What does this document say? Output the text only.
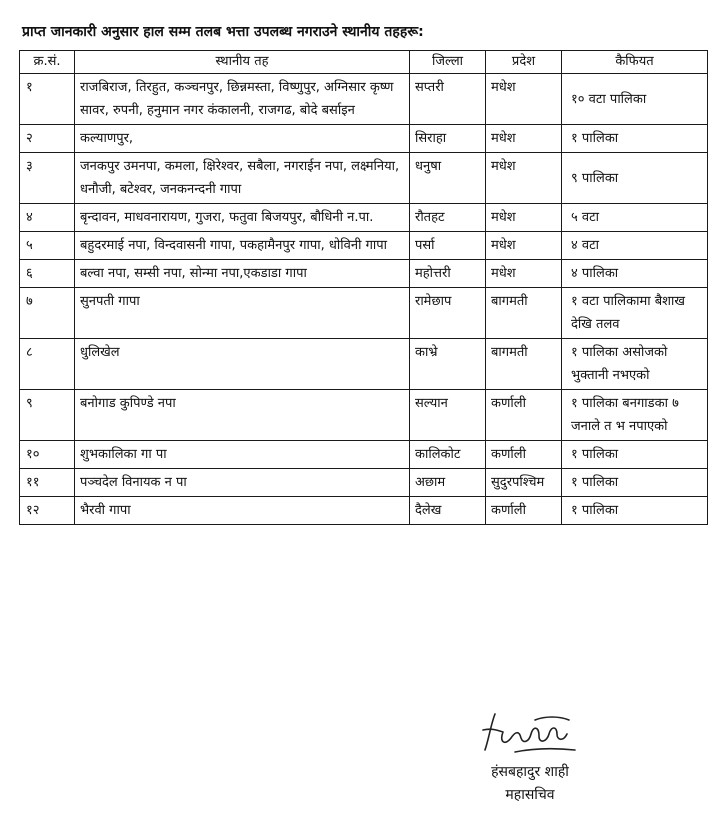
प्राप्त जानकारी अनुसार हाल सम्म तलब भत्ता उपलब्ध नगराउने स्थानीय तहहरू:
क्र.सं.	स्थानीय तह	जिल्ला	प्रदेश	कैफियत
१	राजबिराज, तिरहुत, कञ्चनपुर, छिन्नमस्ता, विष्णुपुर, अग्निसार कृष्ण सावर, रुपनी, हनुमान नगर कंकालनी, राजगढ, बोदे बर्साइन	सप्तरी	मधेश	१० वटा पालिका
२	कल्याणपुर,	सिराहा	मधेश	१ पालिका
३	जनकपुर उमनपा, कमला, क्षिरेश्वर, सबैला, नगराईन नपा, लक्ष्मनिया, धनौजी, बटेश्वर, जनकनन्दनी गापा	धनुषा	मधेश	९ पालिका
४	बृन्दावन, माधवनारायण, गुजरा, फतुवा बिजयपुर, बौधिनी न.पा.	रौतहट	मधेश	५ वटा
५	बहुदरमाई नपा, विन्दवासनी गापा, पकहामैनपुर गापा, धोविनी गापा	पर्सा	मधेश	४ वटा
६	बल्वा नपा, सम्सी नपा, सोन्मा नपा,एकडाडा गापा	महोत्तरी	मधेश	४ पालिका
७	सुनपती गापा	रामेछाप	बागमती	१ वटा पालिकामा बैशाख देखि तलव
८	धुलिखेल	काभ्रे	बागमती	१ पालिका असोजको भुक्तानी नभएको
९	बनोगाड कुपिण्डे नपा	सल्यान	कर्णाली	१ पालिका बनगाडका ७ जनाले त भ नपाएको
१०	शुभकालिका गा पा	कालिकोट	कर्णाली	१ पालिका
११	पञ्चदेल विनायक न पा	अछाम	सुदुरपश्चिम	१ पालिका
१२	भैरवी गापा	दैलेख	कर्णाली	१ पालिका
हंसबहादुर शाही
महासचिव
